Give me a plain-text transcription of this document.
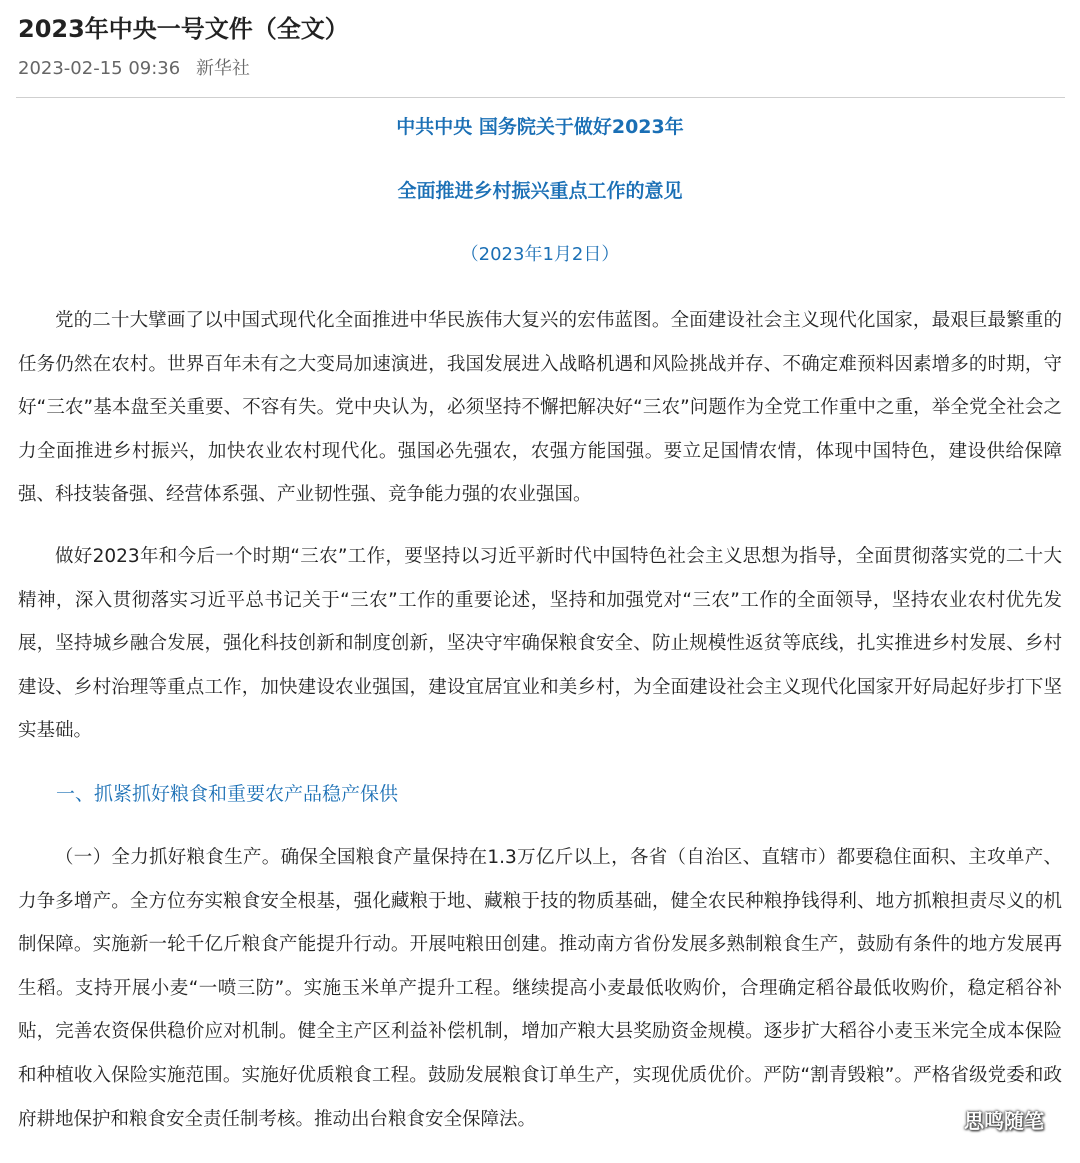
2023年中央一号文件（全文）
2023-02-15 09:36 新华社
中共中央 国务院关于做好2023年
全面推进乡村振兴重点工作的意见
（2023年1月2日）

党的二十大擘画了以中国式现代化全面推进中华民族伟大复兴的宏伟蓝图。全面建设社会主义现代化国家，最艰巨最繁重的任务仍然在农村。世界百年未有之大变局加速演进，我国发展进入战略机遇和风险挑战并存、不确定难预料因素增多的时期，守好“三农”基本盘至关重要、不容有失。党中央认为，必须坚持不懈把解决好“三农”问题作为全党工作重中之重，举全党全社会之力全面推进乡村振兴，加快农业农村现代化。强国必先强农，农强方能国强。要立足国情农情，体现中国特色，建设供给保障强、科技装备强、经营体系强、产业韧性强、竞争能力强的农业强国。

做好2023年和今后一个时期“三农”工作，要坚持以习近平新时代中国特色社会主义思想为指导，全面贯彻落实党的二十大精神，深入贯彻落实习近平总书记关于“三农”工作的重要论述，坚持和加强党对“三农”工作的全面领导，坚持农业农村优先发展，坚持城乡融合发展，强化科技创新和制度创新，坚决守牢确保粮食安全、防止规模性返贫等底线，扎实推进乡村发展、乡村建设、乡村治理等重点工作，加快建设农业强国，建设宜居宜业和美乡村，为全面建设社会主义现代化国家开好局起好步打下坚实基础。

一、抓紧抓好粮食和重要农产品稳产保供

（一）全力抓好粮食生产。确保全国粮食产量保持在1.3万亿斤以上，各省（自治区、直辖市）都要稳住面积、主攻单产、力争多增产。全方位夯实粮食安全根基，强化藏粮于地、藏粮于技的物质基础，健全农民种粮挣钱得利、地方抓粮担责尽义的机制保障。实施新一轮千亿斤粮食产能提升行动。开展吨粮田创建。推动南方省份发展多熟制粮食生产，鼓励有条件的地方发展再生稻。支持开展小麦“一喷三防”。实施玉米单产提升工程。继续提高小麦最低收购价，合理确定稻谷最低收购价，稳定稻谷补贴，完善农资保供稳价应对机制。健全主产区利益补偿机制，增加产粮大县奖励资金规模。逐步扩大稻谷小麦玉米完全成本保险和种植收入保险实施范围。实施好优质粮食工程。鼓励发展粮食订单生产，实现优质优价。严防“割青毁粮”。严格省级党委和政府耕地保护和粮食安全责任制考核。推动出台粮食安全保障法。	思鸣随笔
